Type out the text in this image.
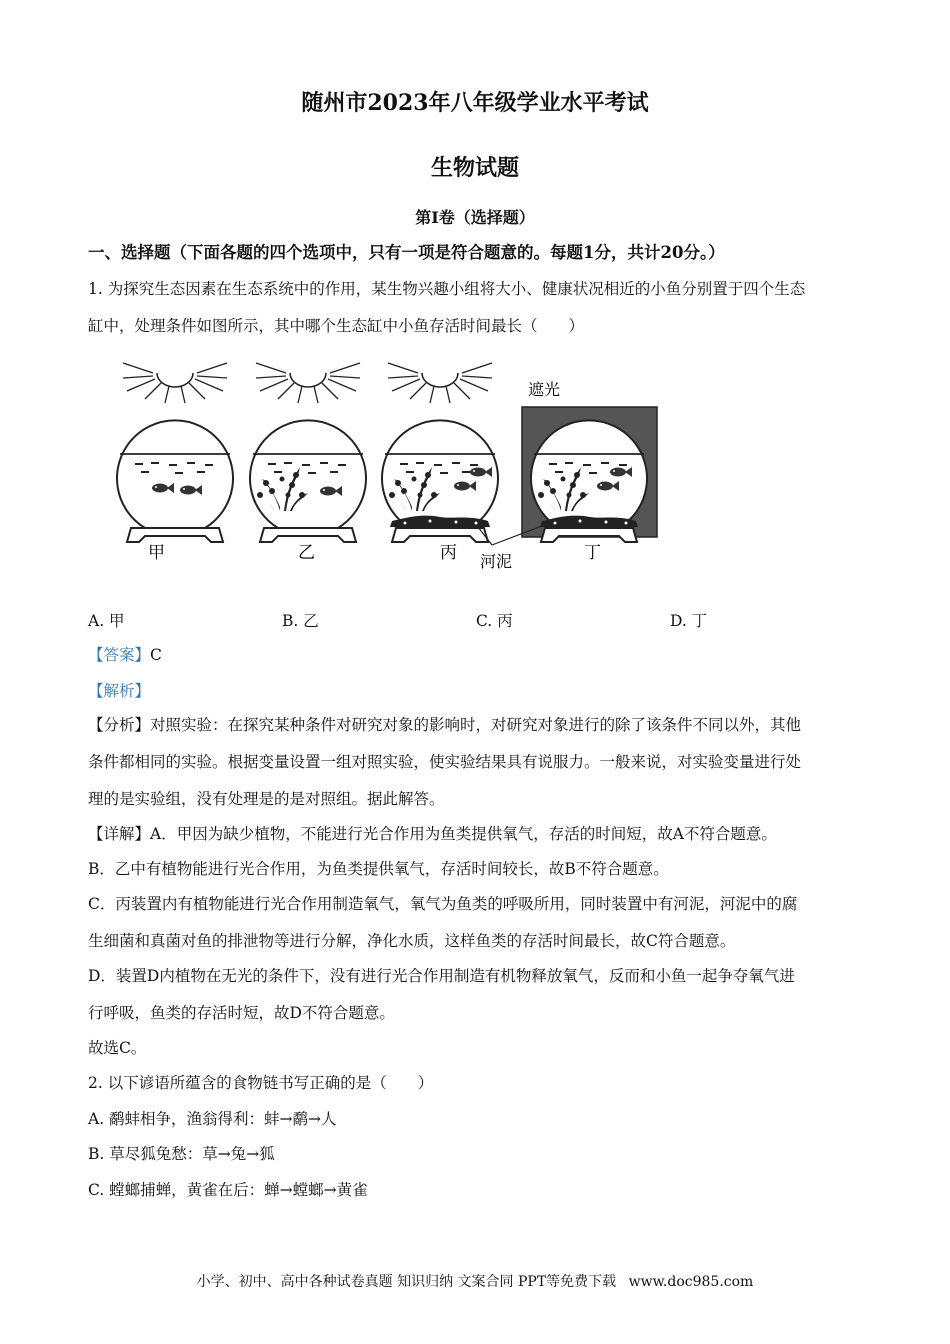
随州市2023年八年级学业水平考试
生物试题
第I卷（选择题）
一、选择题（下面各题的四个选项中，只有一项是符合题意的。每题1分，共计20分。）
1. 为探究生态因素在生态系统中的作用，某生物兴趣小组将大小、健康状况相近的小鱼分别置于四个生态
缸中，处理条件如图所示，其中哪个生态缸中小鱼存活时间最长（　　）
遮光
河泥
甲	乙	丙	丁
A. 甲	B. 乙	C. 丙	D. 丁
【答案】C
【解析】
【分析】对照实验：在探究某种条件对研究对象的影响时，对研究对象进行的除了该条件不同以外，其他
条件都相同的实验。根据变量设置一组对照实验，使实验结果具有说服力。一般来说，对实验变量进行处
理的是实验组，没有处理是的是对照组。据此解答。
【详解】A．甲因为缺少植物，不能进行光合作用为鱼类提供氧气，存活的时间短，故A不符合题意。
B．乙中有植物能进行光合作用，为鱼类提供氧气，存活时间较长，故B不符合题意。
C．丙装置内有植物能进行光合作用制造氧气，氧气为鱼类的呼吸所用，同时装置中有河泥，河泥中的腐
生细菌和真菌对鱼的排泄物等进行分解，净化水质，这样鱼类的存活时间最长，故C符合题意。
D．装置D内植物在无光的条件下，没有进行光合作用制造有机物释放氧气，反而和小鱼一起争夺氧气进
行呼吸，鱼类的存活时短，故D不符合题意。
故选C。
2. 以下谚语所蕴含的食物链书写正确的是（　　）
A. 鹬蚌相争，渔翁得利：蚌→鹬→人
B. 草尽狐兔愁：草→兔→狐
C. 螳螂捕蝉，黄雀在后：蝉→螳螂→黄雀
小学、初中、高中各种试卷真题 知识归纳 文案合同 PPT等免费下载 www.doc985.com
